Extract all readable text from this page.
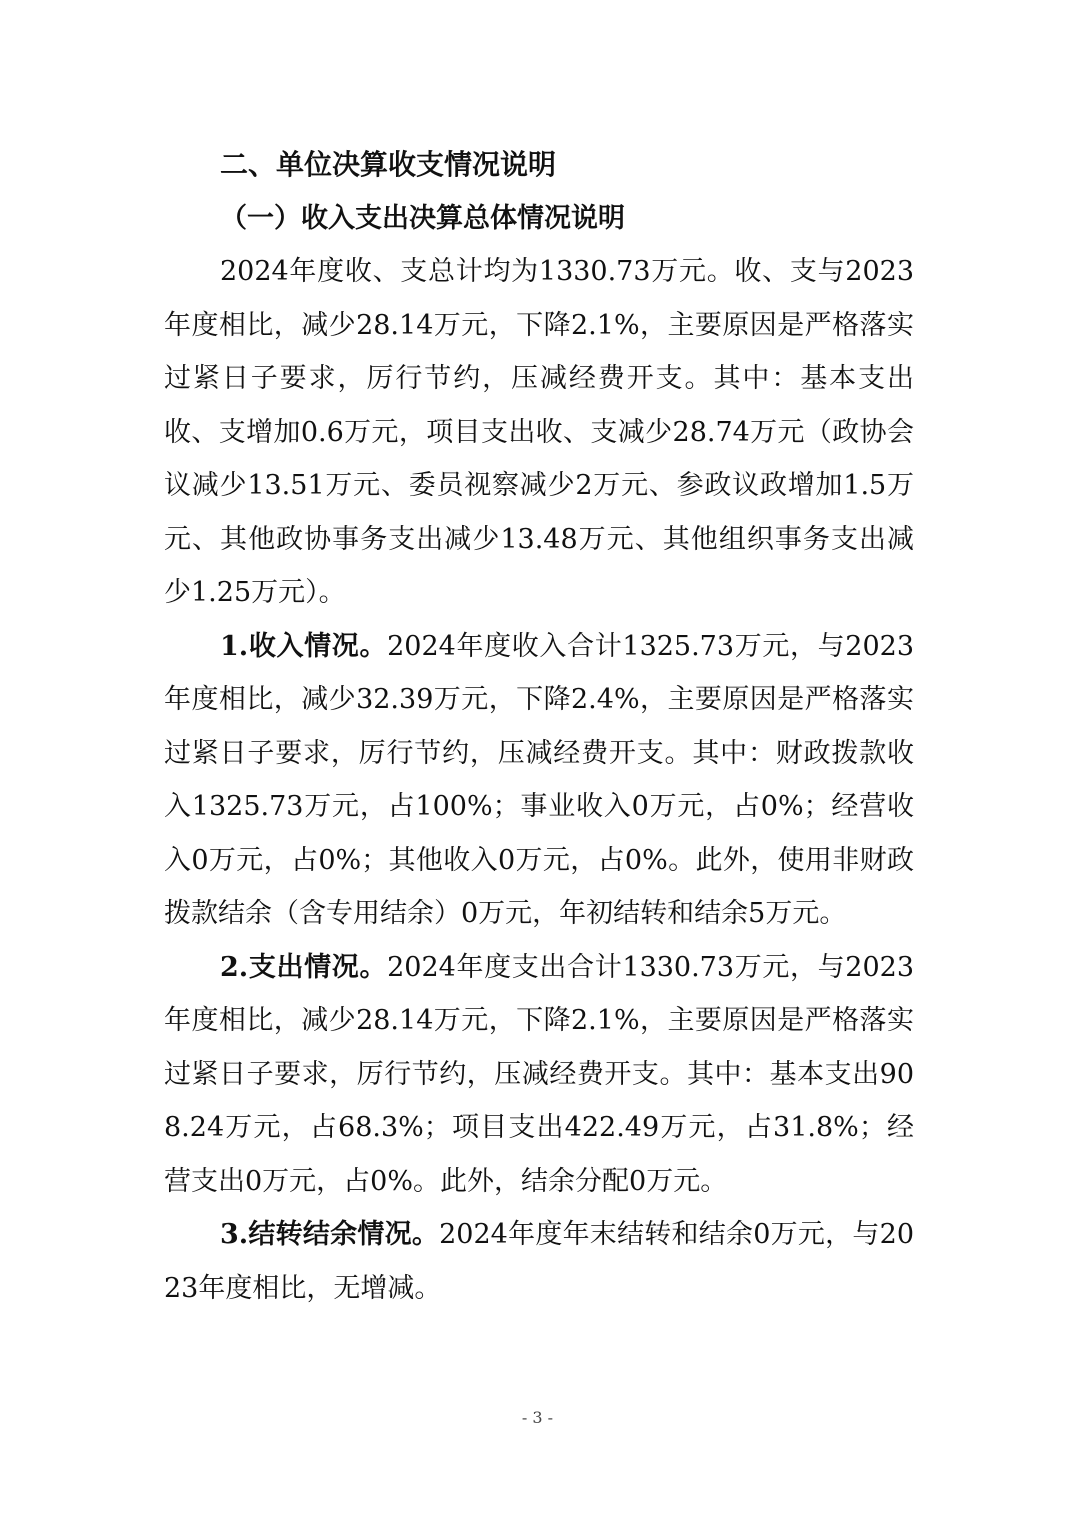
二、单位决算收支情况说明
（一）收入支出决算总体情况说明

2024年度收、支总计均为1330.73万元。收、支与2023年度相比，减少28.14万元，下降2.1%，主要原因是严格落实过紧日子要求，厉行节约，压减经费开支。其中：基本支出收、支增加0.6万元，项目支出收、支减少28.74万元（政协会议减少13.51万元、委员视察减少2万元、参政议政增加1.5万元、其他政协事务支出减少13.48万元、其他组织事务支出减少1.25万元）。

1.收入情况。2024年度收入合计1325.73万元，与2023年度相比，减少32.39万元，下降2.4%，主要原因是严格落实过紧日子要求，厉行节约，压减经费开支。其中：财政拨款收入1325.73万元，占100%；事业收入0万元，占0%；经营收入0万元，占0%；其他收入0万元，占0%。此外，使用非财政拨款结余（含专用结余）0万元，年初结转和结余5万元。

2.支出情况。2024年度支出合计1330.73万元，与2023年度相比，减少28.14万元，下降2.1%，主要原因是严格落实过紧日子要求，厉行节约，压减经费开支。其中：基本支出908.24万元，占68.3%；项目支出422.49万元，占31.8%；经营支出0万元，占0%。此外，结余分配0万元。

3.结转结余情况。2024年度年末结转和结余0万元，与2023年度相比，无增减。

- 3 -
